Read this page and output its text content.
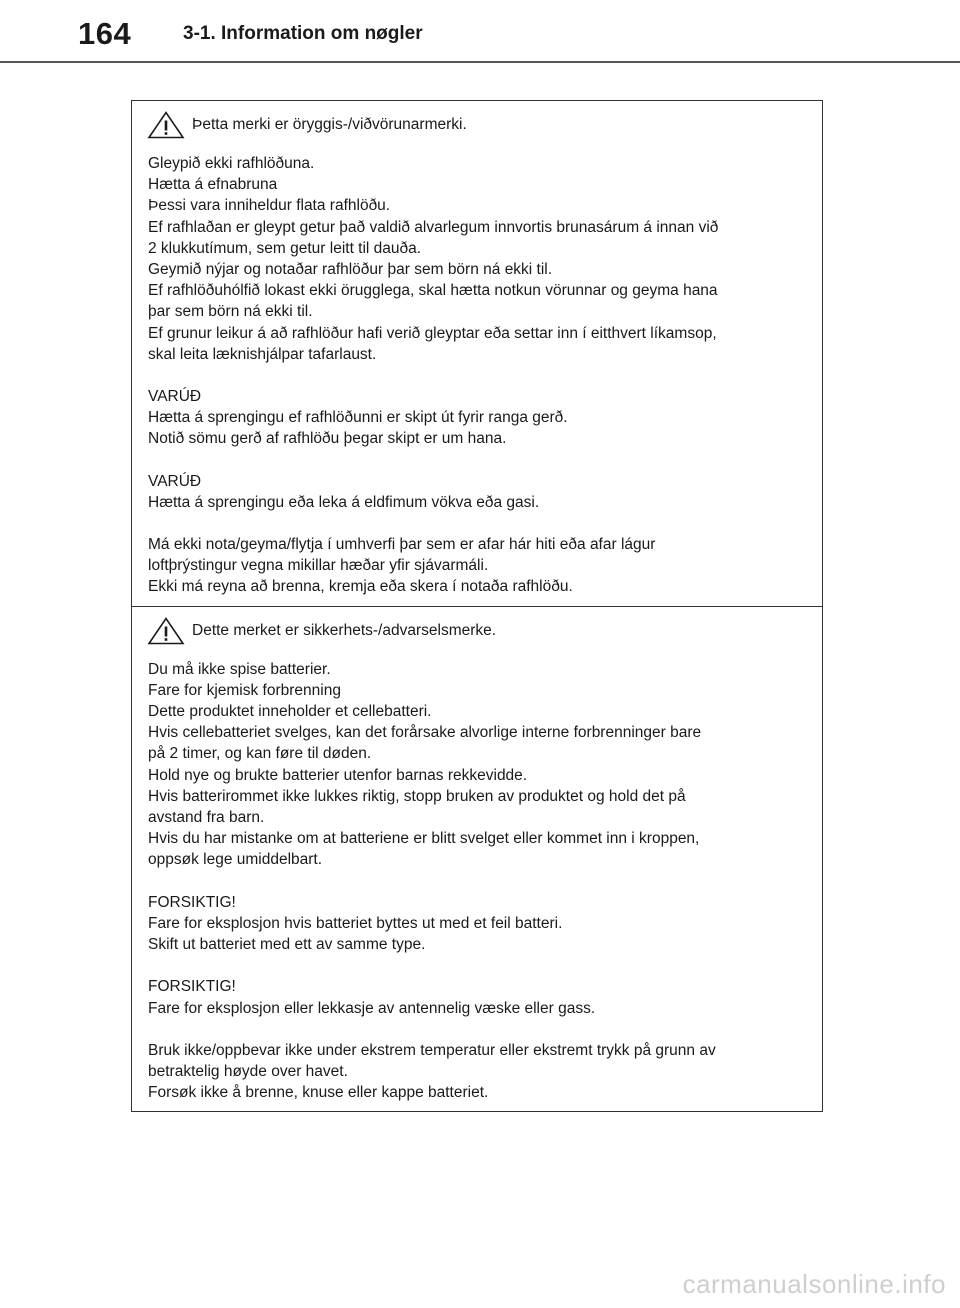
164	3-1. Information om nøgler
Þetta merki er öryggis-/viðvörunarmerki.

Gleypið ekki rafhlöðuna.
Hætta á efnabruna
Þessi vara inniheldur flata rafhlöðu.
Ef rafhlaðan er gleypt getur það valdið alvarlegum innvortis brunasárum á innan við
2 klukkutímum, sem getur leitt til dauða.
Geymið nýjar og notaðar rafhlöður þar sem börn ná ekki til.
Ef rafhlöðuhólfið lokast ekki örugglega, skal hætta notkun vörunnar og geyma hana
þar sem börn ná ekki til.
Ef grunur leikur á að rafhlöður hafi verið gleyptar eða settar inn í eitthvert líkamsop,
skal leita læknishjálpar tafarlaust.

VARÚÐ
Hætta á sprengingu ef rafhlöðunni er skipt út fyrir ranga gerð.
Notið sömu gerð af rafhlöðu þegar skipt er um hana.

VARÚÐ
Hætta á sprengingu eða leka á eldfimum vökva eða gasi.

Má ekki nota/geyma/flytja í umhverfi þar sem er afar hár hiti eða afar lágur
loftþrýstingur vegna mikillar hæðar yfir sjávarmáli.
Ekki má reyna að brenna, kremja eða skera í notaða rafhlöðu.

Dette merket er sikkerhets-/advarselsmerke.

Du må ikke spise batterier.
Fare for kjemisk forbrenning
Dette produktet inneholder et cellebatteri.
Hvis cellebatteriet svelges, kan det forårsake alvorlige interne forbrenninger bare
på 2 timer, og kan føre til døden.
Hold nye og brukte batterier utenfor barnas rekkevidde.
Hvis batterirommet ikke lukkes riktig, stopp bruken av produktet og hold det på
avstand fra barn.
Hvis du har mistanke om at batteriene er blitt svelget eller kommet inn i kroppen,
oppsøk lege umiddelbart.

FORSIKTIG!
Fare for eksplosjon hvis batteriet byttes ut med et feil batteri.
Skift ut batteriet med ett av samme type.

FORSIKTIG!
Fare for eksplosjon eller lekkasje av antennelig væske eller gass.

Bruk ikke/oppbevar ikke under ekstrem temperatur eller ekstremt trykk på grunn av
betraktelig høyde over havet.
Forsøk ikke å brenne, knuse eller kappe batteriet.

carmanualsonline.info
